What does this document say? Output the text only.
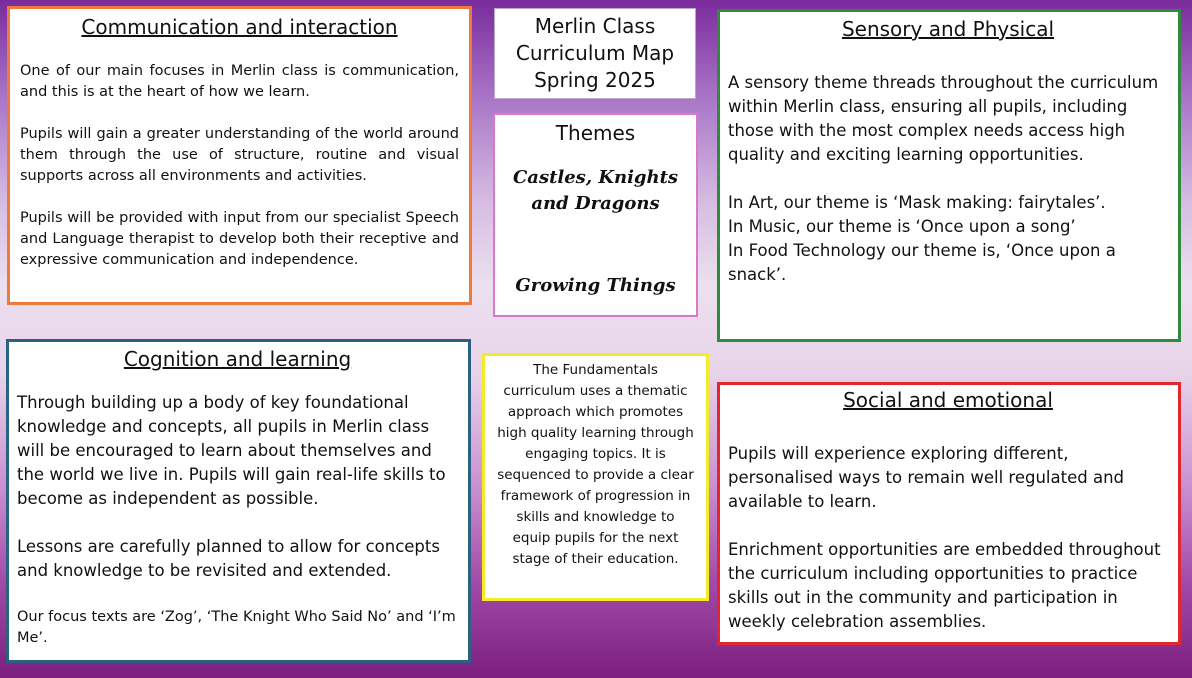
Communication and interaction

One of our main focuses in Merlin class is communication, and this is at the heart of how we learn.

Pupils will gain a greater understanding of the world around them through the use of structure, routine and visual supports across all environments and activities.

Pupils will be provided with input from our specialist Speech and Language therapist to develop both their receptive and expressive communication and independence.

Merlin Class
Curriculum Map
Spring 2025
Themes
Castles, Knights and Dragons
Growing Things
Sensory and Physical

A sensory theme threads throughout the curriculum within Merlin class, ensuring all pupils, including those with the most complex needs access high quality and exciting learning opportunities.

In Art, our theme is ‘Mask making: fairytales’.

In Music, our theme is ‘Once upon a song’

In Food Technology our theme is, ‘Once upon a snack’.

Cognition and learning

Through building up a body of key foundational knowledge and concepts, all pupils in Merlin class will be encouraged to learn about themselves and the world we live in. Pupils will gain real-life skills to become as independent as possible.

Lessons are carefully planned to allow for concepts and knowledge to be revisited and extended.

Our focus texts are ‘Zog’, ‘The Knight Who Said No’ and ‘I’m Me’.

The Fundamentals curriculum uses a thematic approach which promotes high quality learning through engaging topics. It is sequenced to provide a clear framework of progression in skills and knowledge to equip pupils for the next stage of their education.

Social and emotional

Pupils will experience exploring different, personalised ways to remain well regulated and available to learn.

Enrichment opportunities are embedded throughout the curriculum including opportunities to practice skills out in the community and participation in weekly celebration assemblies.
